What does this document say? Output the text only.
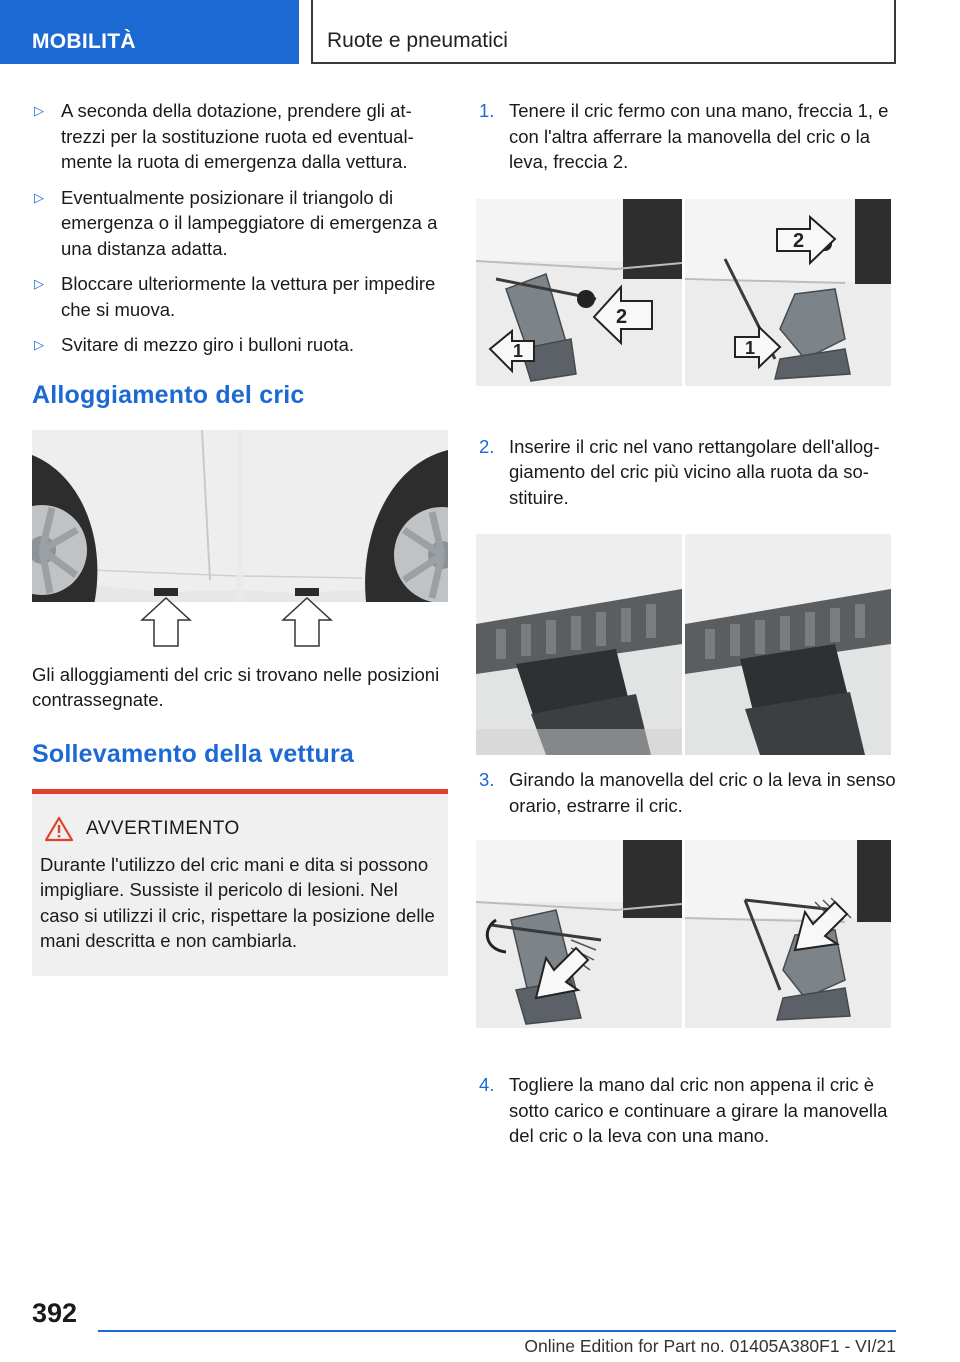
MOBILITÀ	Ruote e pneumatici
▷ A seconda della dotazione, prendere gli attrezzi per la sostituzione ruota ed eventualmente la ruota di emergenza dalla vettura.
▷ Eventualmente posizionare il triangolo di emergenza o il lampeggiatore di emergenza a una distanza adatta.
▷ Bloccare ulteriormente la vettura per impedire che si muova.
▷ Svitare di mezzo giro i bulloni ruota.
Alloggiamento del cric

Gli alloggiamenti del cric si trovano nelle posizioni contrassegnate.

Sollevamento della vettura
AVVERTIMENTO

Durante l'utilizzo del cric mani e dita si possono impigliare. Sussiste il pericolo di lesioni. Nel caso si utilizzi il cric, rispettare la posizione delle mani descritta e non cambiarla.

1. Tenere il cric fermo con una mano, freccia 1, e con l'altra afferrare la manovella del cric o la leva, freccia 2.
2
1
2
1
2. Inserire il cric nel vano rettangolare dell'alloggiamento del cric più vicino alla ruota da sostituire.
3. Girando la manovella del cric o la leva in senso orario, estrarre il cric.
4. Togliere la mano dal cric non appena il cric è sotto carico e continuare a girare la manovella del cric o la leva con una mano.
392
Online Edition for Part no. 01405A380F1 - VI/21
